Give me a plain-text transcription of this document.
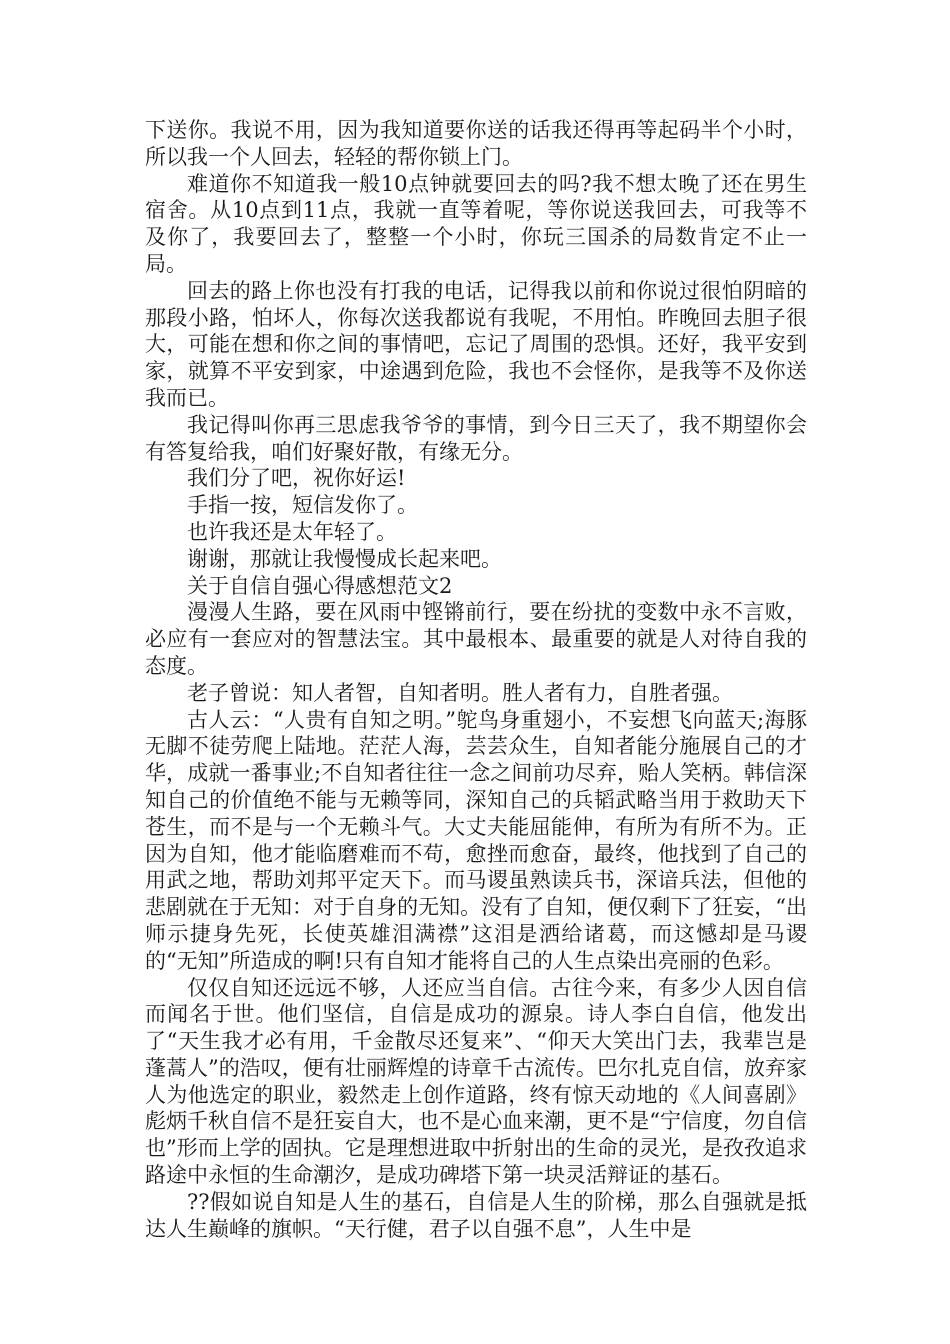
下送你。我说不用，因为我知道要你送的话我还得再等起码半个小时，所以我一个人回去，轻轻的帮你锁上门。

难道你不知道我一般10点钟就要回去的吗?我不想太晚了还在男生宿舍。从10点到11点，我就一直等着呢，等你说送我回去，可我等不及你了，我要回去了，整整一个小时，你玩三国杀的局数肯定不止一局。

回去的路上你也没有打我的电话，记得我以前和你说过很怕阴暗的那段小路，怕坏人，你每次送我都说有我呢，不用怕。昨晚回去胆子很大，可能在想和你之间的事情吧，忘记了周围的恐惧。还好，我平安到家，就算不平安到家，中途遇到危险，我也不会怪你，是我等不及你送我而已。

我记得叫你再三思虑我爷爷的事情，到今日三天了，我不期望你会有答复给我，咱们好聚好散，有缘无分。

我们分了吧，祝你好运!

手指一按，短信发你了。

也许我还是太年轻了。

谢谢，那就让我慢慢成长起来吧。

关于自信自强心得感想范文2

漫漫人生路，要在风雨中铿锵前行，要在纷扰的变数中永不言败，必应有一套应对的智慧法宝。其中最根本、最重要的就是人对待自我的态度。

老子曾说：知人者智，自知者明。胜人者有力，自胜者强。

古人云：“人贵有自知之明。”鸵鸟身重翅小，不妄想飞向蓝天;海豚无脚不徒劳爬上陆地。茫茫人海，芸芸众生，自知者能分施展自己的才华，成就一番事业;不自知者往往一念之间前功尽弃，贻人笑柄。韩信深知自己的价值绝不能与无赖等同，深知自己的兵韬武略当用于救助天下苍生，而不是与一个无赖斗气。大丈夫能屈能伸，有所为有所不为。正因为自知，他才能临磨难而不苟，愈挫而愈奋，最终，他找到了自己的用武之地，帮助刘邦平定天下。而马谡虽熟读兵书，深谙兵法，但他的悲剧就在于无知：对于自身的无知。没有了自知，便仅剩下了狂妄，“出师示捷身先死，长使英雄泪满襟”这泪是洒给诸葛，而这憾却是马谡的“无知”所造成的啊!只有自知才能将自己的人生点染出亮丽的色彩。

仅仅自知还远远不够，人还应当自信。古往今来，有多少人因自信而闻名于世。他们坚信，自信是成功的源泉。诗人李白自信，他发出了“天生我才必有用，千金散尽还复来”、“仰天大笑出门去，我辈岂是蓬蒿人”的浩叹，便有壮丽辉煌的诗章千古流传。巴尔扎克自信，放弃家人为他选定的职业，毅然走上创作道路，终有惊天动地的《人间喜剧》彪炳千秋自信不是狂妄自大，也不是心血来潮，更不是“宁信度，勿自信也”形而上学的固执。它是理想进取中折射出的生命的灵光，是孜孜追求路途中永恒的生命潮汐，是成功碑塔下第一块灵活辩证的基石。

??假如说自知是人生的基石，自信是人生的阶梯，那么自强就是抵达人生巅峰的旗帜。“天行健，君子以自强不息”，人生中是
